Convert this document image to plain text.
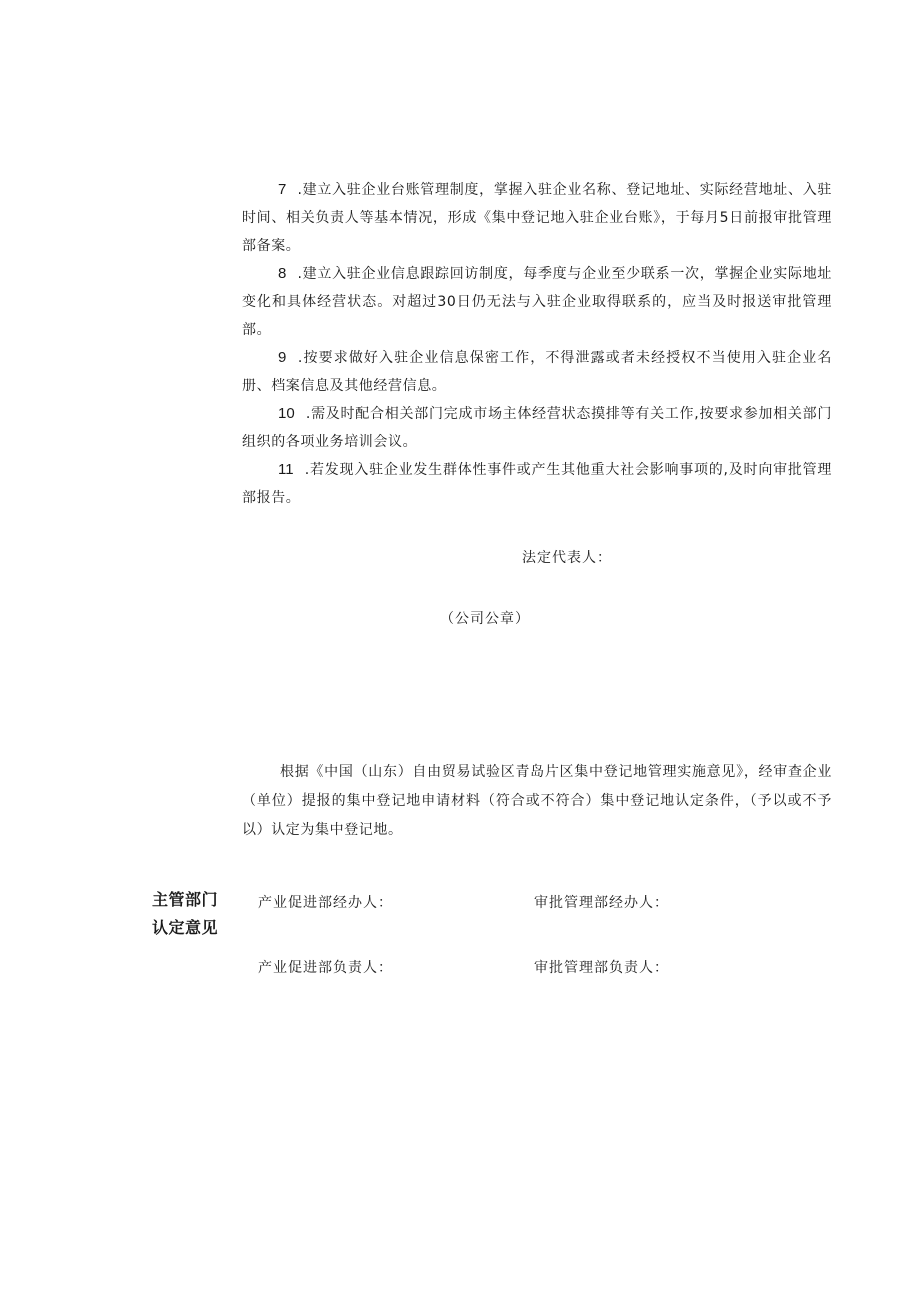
7 .建立入驻企业台账管理制度，掌握入驻企业名称、登记地址、实际经营地址、入驻时间、相关负责人等基本情况，形成《集中登记地入驻企业台账》，于每月5日前报审批管理部备案。

8 .建立入驻企业信息跟踪回访制度，每季度与企业至少联系一次，掌握企业实际地址变化和具体经营状态。对超过30日仍无法与入驻企业取得联系的，应当及时报送审批管理部。

9 .按要求做好入驻企业信息保密工作，不得泄露或者未经授权不当使用入驻企业名册、档案信息及其他经营信息。

10 .需及时配合相关部门完成市场主体经营状态摸排等有关工作,按要求参加相关部门组织的各项业务培训会议。

11 .若发现入驻企业发生群体性事件或产生其他重大社会影响事项的,及时向审批管理部报告。

法定代表人：
（公司公章）

根据《中国（山东）自由贸易试验区青岛片区集中登记地管理实施意见》，经审查企业（单位）提报的集中登记地申请材料（符合或不符合）集中登记地认定条件，（予以或不予以）认定为集中登记地。

主管部门
认定意见
产业促进部经办人：	审批管理部经办人：
产业促进部负责人：	审批管理部负责人：
